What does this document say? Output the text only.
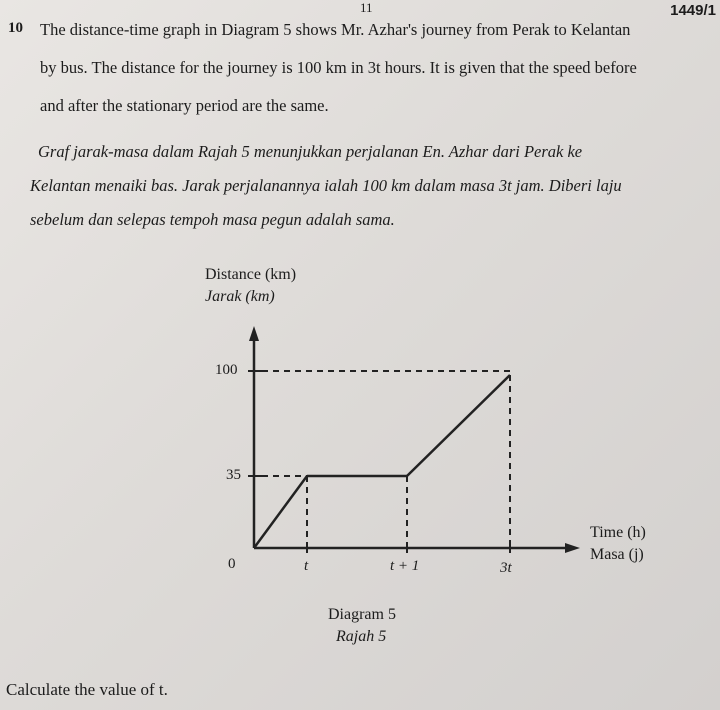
11	1449/1
10 The distance-time graph in Diagram 5 shows Mr. Azhar's journey from Perak to Kelantan
by bus. The distance for the journey is 100 km in 3t hours. It is given that the speed before
and after the stationary period are the same.
Graf jarak-masa dalam Rajah 5 menunjukkan perjalanan En. Azhar dari Perak ke
Kelantan menaiki bas. Jarak perjalanannya ialah 100 km dalam masa 3t jam. Diberi laju
sebelum dan selepas tempoh masa pegun adalah sama.
Distance (km)
Jarak (km)
Time (h)
Masa (j)
100
35
0	t	t + 1	3t
Diagram 5
Rajah 5
Calculate the value of t.
